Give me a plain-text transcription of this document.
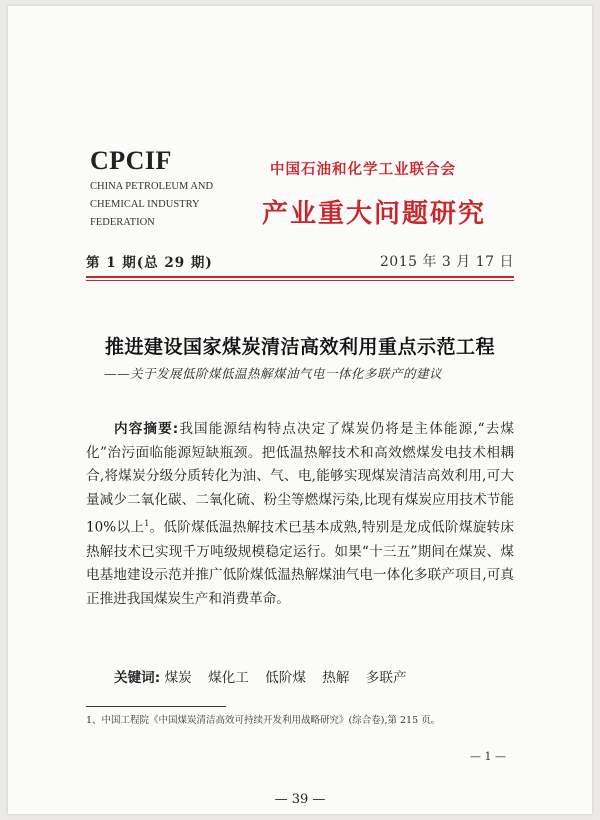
CPCIF
CHINA PETROLEUM AND
CHEMICAL INDUSTRY
FEDERATION
中国石油和化学工业联合会
产业重大问题研究
第 1 期(总 29 期)	2015 年 3 月 17 日
推进建设国家煤炭清洁高效利用重点示范工程
——关于发展低阶煤低温热解煤油气电一体化多联产的建议
内容摘要:我国能源结构特点决定了煤炭仍将是主体能源,“去煤化”治污面临能源短缺瓶颈。把低温热解技术和高效燃煤发电技术相耦合,将煤炭分级分质转化为油、气、电,能够实现煤炭清洁高效利用,可大量减少二氧化碳、二氧化硫、粉尘等燃煤污染,比现有煤炭应用技术节能 10%以上$^1$。低阶煤低温热解技术已基本成熟,特别是龙成低阶煤旋转床热解技术已实现千万吨级规模稳定运行。如果“十三五”期间在煤炭、煤电基地建设示范并推广低阶煤低温热解煤油气电一体化多联产项目,可真正推进我国煤炭生产和消费革命。
关键词: 煤炭 煤化工 低阶煤 热解 多联产
1、中国工程院《中国煤炭清洁高效可持续开发利用战略研究》(综合卷),第 215 页。
— 1 —
— 39 —
